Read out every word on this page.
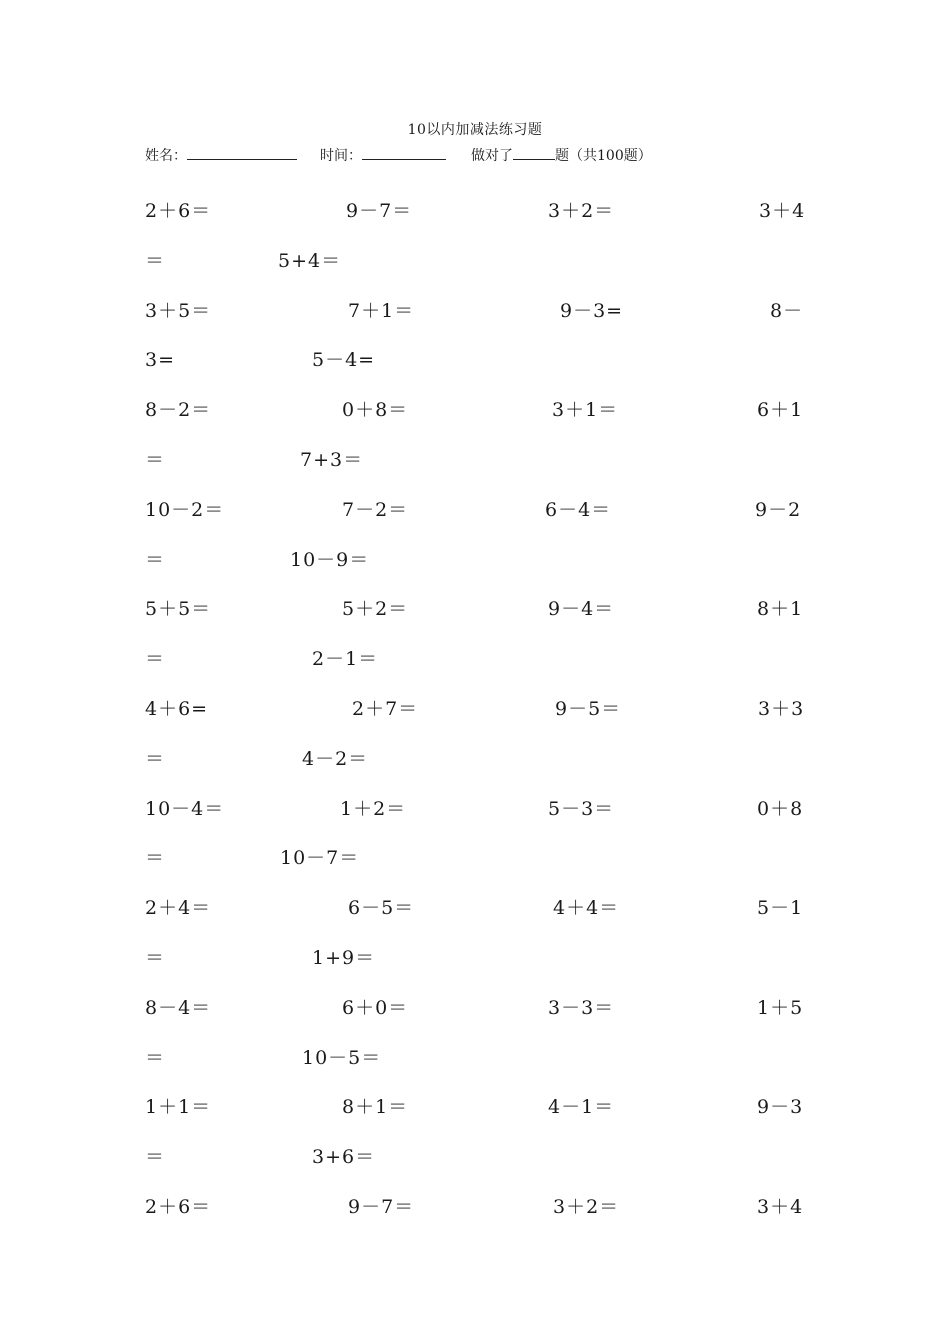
10以内加减法练习题
姓名：	时间：	做对了	题（共100题）
2＋6＝	9－7＝	3＋2＝	3＋4
＝	5+4＝
3＋5＝	7＋1＝	9－3=	8－
3=	5－4=
8－2＝	0＋8＝	3＋1＝	6＋1
＝	7+3＝
10－2＝	7－2＝	6－4＝	9－2
＝	10－9＝
5＋5＝	5＋2＝	9－4＝	8＋1
＝	2－1＝
4＋6=	2＋7＝	9－5＝	3＋3
＝	4－2＝
10－4＝	1＋2＝	5－3＝	0＋8
＝	10－7＝
2＋4＝	6－5＝	4＋4＝	5－1
＝	1+9＝
8－4＝	6＋0＝	3－3＝	1＋5
＝	10－5＝
1＋1＝	8＋1＝	4－1＝	9－3
＝	3+6＝
2＋6＝	9－7＝	3＋2＝	3＋4
